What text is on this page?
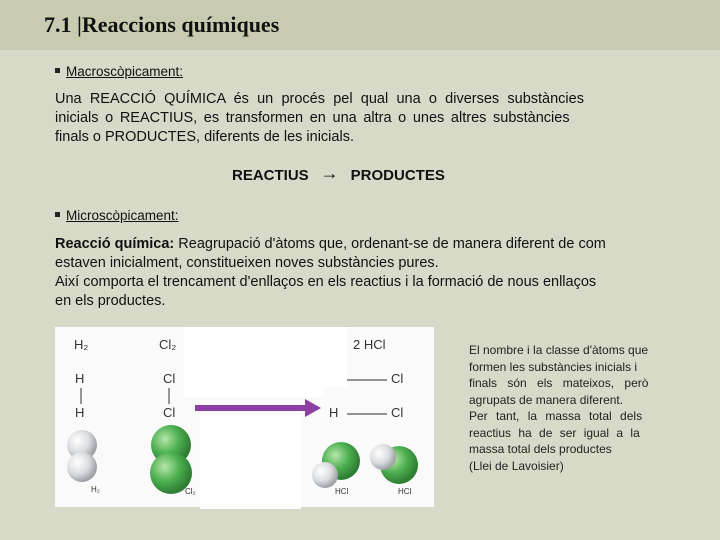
7.1 |Reaccions químiques
Macroscòpicament:
Una REACCIÓ QUÍMICA és un procés pel qual una o diverses substàncies
inicials o REACTIUS, es transformen en una altra o unes altres substàncies
finals o PRODUCTES, diferents de les inicials.
REACTIUS → PRODUCTES
Microscòpicament:
Reacció química: Reagrupació d'àtoms que, ordenant-se de manera diferent de com
estaven inicialment, constitueixen noves substàncies pures.
Així comporta el trencament d'enllaços en els reactius i la formació de nous enllaços
en els productes.
H₂	Cl₂	2 HCl
H
H
Cl
Cl
Cl
H	Cl
H₂	Cl₂	HCl	HCl
El nombre i la classe d'àtoms que
formen les substàncies inicials i
finals són els mateixos, però
agrupats de manera diferent.
Per tant, la massa total dels
reactius ha de ser igual a la
massa total dels productes
(Llei de Lavoisier)
